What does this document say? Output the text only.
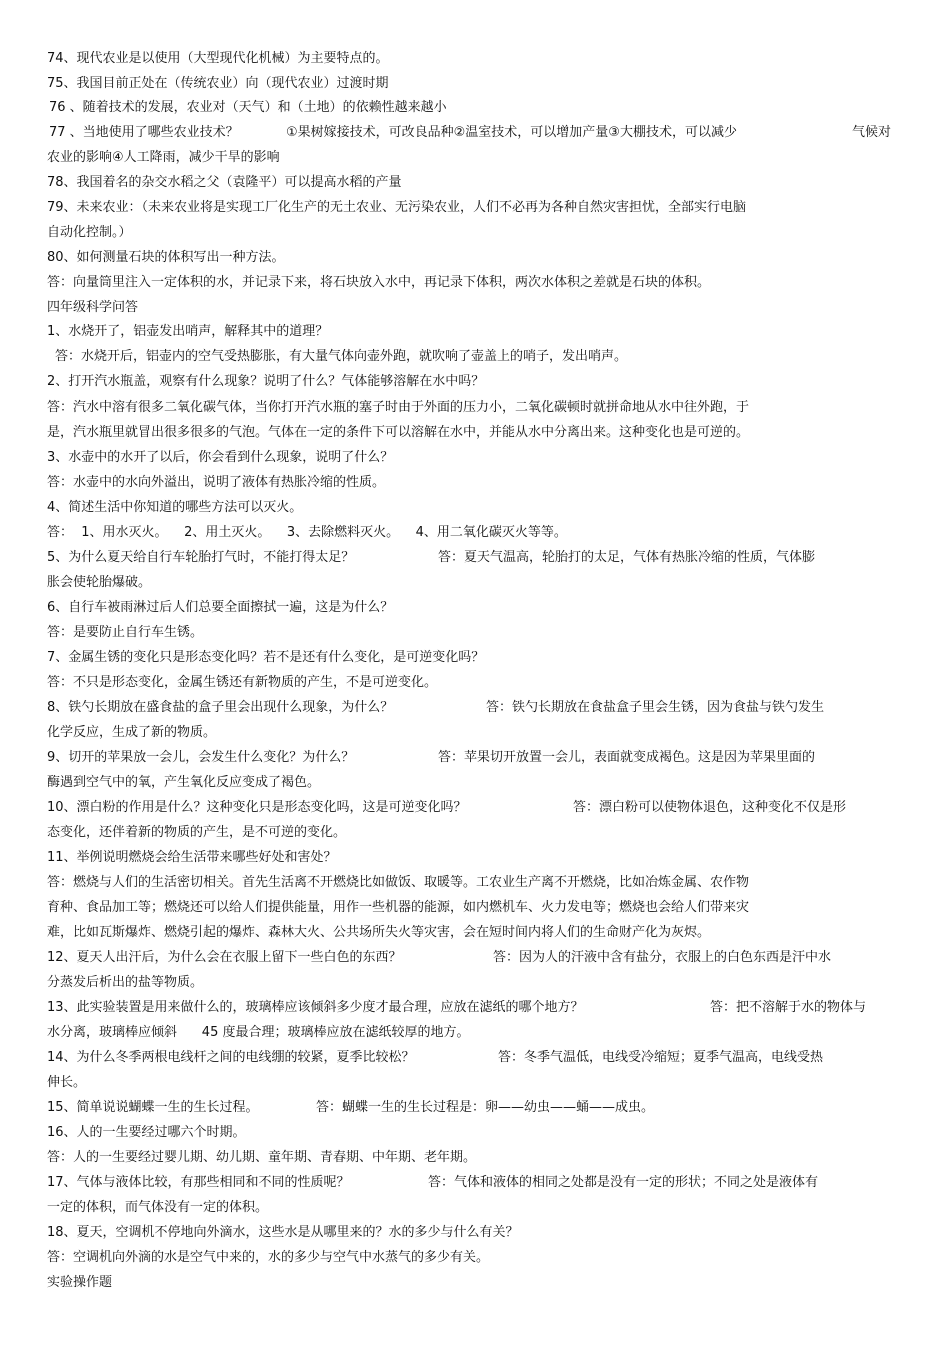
74、现代农业是以使用（大型现代化机械）为主要特点的。
75、我国目前正处在（传统农业）向（现代农业）过渡时期
76 、随着技术的发展，农业对（天气）和（土地）的依赖性越来越小
77 、当地使用了哪些农业技术？	①果树嫁接技术，可改良品种②温室技术，可以增加产量③大棚技术，可以减少	气候对
农业的影响④人工降雨，减少干旱的影响
78、我国着名的杂交水稻之父（袁隆平）可以提高水稻的产量
79、未来农业：（未来农业将是实现工厂化生产的无土农业、无污染农业，人们不必再为各种自然灾害担忧，全部实行电脑
自动化控制。）
80、如何测量石块的体积写出一种方法。
答：向量筒里注入一定体积的水，并记录下来，将石块放入水中，再记录下体积，两次水体积之差就是石块的体积。
四年级科学问答
1、水烧开了，铝壶发出哨声，解释其中的道理？
答：水烧开后，铝壶内的空气受热膨胀，有大量气体向壶外跑，就吹响了壶盖上的哨子，发出哨声。
2、打开汽水瓶盖，观察有什么现象？说明了什么？气体能够溶解在水中吗？
答：汽水中溶有很多二氧化碳气体，当你打开汽水瓶的塞子时由于外面的压力小，二氧化碳顿时就拼命地从水中往外跑，于
是，汽水瓶里就冒出很多很多的气泡。气体在一定的条件下可以溶解在水中，并能从水中分离出来。这种变化也是可逆的。
3、水壶中的水开了以后，你会看到什么现象，说明了什么？
答：水壶中的水向外溢出，说明了液体有热胀冷缩的性质。
4、简述生活中你知道的哪些方法可以灭火。
答：  1、用水灭火。    2、用土灭火。    3、去除燃料灭火。    4、用二氧化碳灭火等等。
5、为什么夏天给自行车轮胎打气时，不能打得太足？	答：夏天气温高，轮胎打的太足，气体有热胀冷缩的性质，气体膨
胀会使轮胎爆破。
6、自行车被雨淋过后人们总要全面擦拭一遍，这是为什么？
答：是要防止自行车生锈。
7、金属生锈的变化只是形态变化吗？若不是还有什么变化，是可逆变化吗？
答：不只是形态变化，金属生锈还有新物质的产生，不是可逆变化。
8、铁勺长期放在盛食盐的盒子里会出现什么现象，为什么？	答：铁勺长期放在食盐盒子里会生锈，因为食盐与铁勺发生
化学反应，生成了新的物质。
9、切开的苹果放一会儿，会发生什么变化？为什么？	答：苹果切开放置一会儿，表面就变成褐色。这是因为苹果里面的
酶遇到空气中的氧，产生氧化反应变成了褐色。
10、漂白粉的作用是什么？这种变化只是形态变化吗，这是可逆变化吗？	答：漂白粉可以使物体退色，这种变化不仅是形
态变化，还伴着新的物质的产生，是不可逆的变化。
11、举例说明燃烧会给生活带来哪些好处和害处？
答：燃烧与人们的生活密切相关。首先生活离不开燃烧比如做饭、取暖等。工农业生产离不开燃烧，比如冶炼金属、农作物
育种、食品加工等；燃烧还可以给人们提供能量，用作一些机器的能源，如内燃机车、火力发电等；燃烧也会给人们带来灾
难，比如瓦斯爆炸、燃烧引起的爆炸、森林大火、公共场所失火等灾害，会在短时间内将人们的生命财产化为灰烬。
12、夏天人出汗后，为什么会在衣服上留下一些白色的东西？	答：因为人的汗液中含有盐分，衣服上的白色东西是汗中水
分蒸发后析出的盐等物质。
13、此实验装置是用来做什么的，玻璃棒应该倾斜多少度才最合理，应放在滤纸的哪个地方？	答：把不溶解于水的物体与
水分离，玻璃棒应倾斜      45 度最合理；玻璃棒应放在滤纸较厚的地方。
14、为什么冬季两根电线杆之间的电线绷的较紧，夏季比较松？	答：冬季气温低，电线受冷缩短；夏季气温高，电线受热
伸长。
15、简单说说蝴蝶一生的生长过程。	答：蝴蝶一生的生长过程是：卵——幼虫——蛹——成虫。
16、人的一生要经过哪六个时期。
答：人的一生要经过婴儿期、幼儿期、童年期、青春期、中年期、老年期。
17、气体与液体比较，有那些相同和不同的性质呢？	答：气体和液体的相同之处都是没有一定的形状；不同之处是液体有
一定的体积，而气体没有一定的体积。
18、夏天，空调机不停地向外滴水，这些水是从哪里来的？水的多少与什么有关？
答：空调机向外滴的水是空气中来的，水的多少与空气中水蒸气的多少有关。
实验操作题
